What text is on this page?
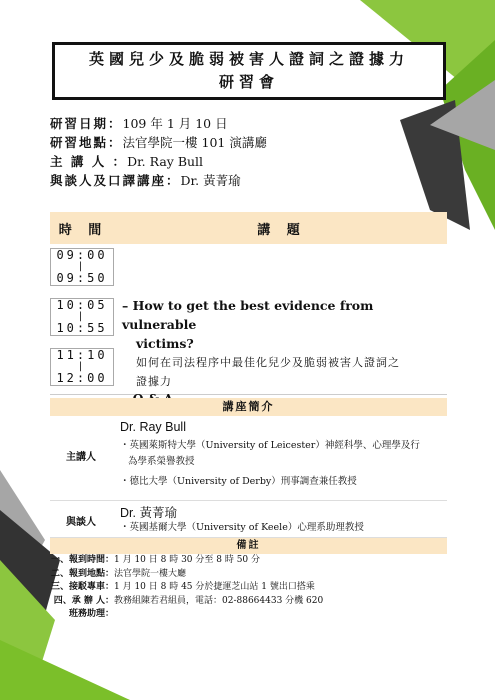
英國兒少及脆弱被害人證詞之證據力
研習會
研習日期：109 年 1 月 10 日
研習地點：法官學院一樓 101 演講廳
主 講 人 ：Dr. Ray Bull
與談人及口譯講座：Dr. 黃菁瑜
時 間	講 題
09:00
|
09:50
10:05
|
10:55
11:10
|
12:00
– How to get the best evidence from vulnerable
victims?
如何在司法程序中最佳化兒少及脆弱被害人證詞之
證據力
講座簡介
主講人
Dr. Ray Bull
・英國萊斯特大學（University of Leicester）神經科學、心理學及行
為學系榮譽教授
・德比大學（University of Derby）刑事調查兼任教授
與談人
Dr. 黃菁瑜
・英國基爾大學（University of Keele）心理系助理教授
備註
一、報到時間：1 月 10 日 8 時 30 分至 8 時 50 分
二、報到地點：法官學院一樓大廳
三、接駁專車：1 月 10 日 8 時 45 分於捷運芝山站 1 號出口搭乘
四、承 辦 人：教務組陳若君組員，電話：02-88664433 分機 620
班務助理：
